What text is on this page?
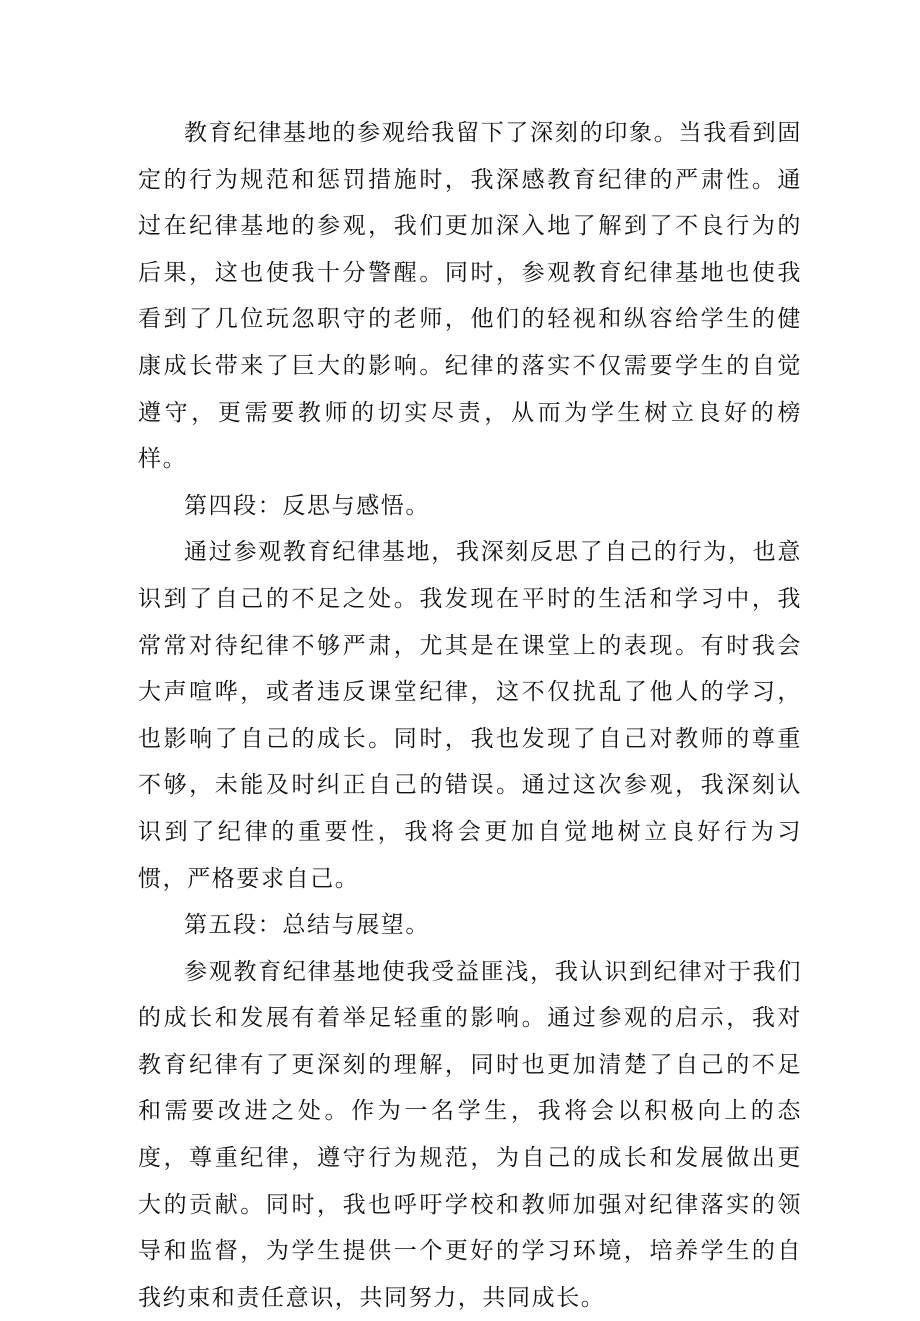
教育纪律基地的参观给我留下了深刻的印象。当我看到固定的行为规范和惩罚措施时，我深感教育纪律的严肃性。通过在纪律基地的参观，我们更加深入地了解到了不良行为的后果，这也使我十分警醒。同时，参观教育纪律基地也使我看到了几位玩忽职守的老师，他们的轻视和纵容给学生的健康成长带来了巨大的影响。纪律的落实不仅需要学生的自觉遵守，更需要教师的切实尽责，从而为学生树立良好的榜样。

第四段：反思与感悟。

通过参观教育纪律基地，我深刻反思了自己的行为，也意识到了自己的不足之处。我发现在平时的生活和学习中，我常常对待纪律不够严肃，尤其是在课堂上的表现。有时我会大声喧哗，或者违反课堂纪律，这不仅扰乱了他人的学习，也影响了自己的成长。同时，我也发现了自己对教师的尊重不够，未能及时纠正自己的错误。通过这次参观，我深刻认识到了纪律的重要性，我将会更加自觉地树立良好行为习惯，严格要求自己。

第五段：总结与展望。

参观教育纪律基地使我受益匪浅，我认识到纪律对于我们的成长和发展有着举足轻重的影响。通过参观的启示，我对教育纪律有了更深刻的理解，同时也更加清楚了自己的不足和需要改进之处。作为一名学生，我将会以积极向上的态度，尊重纪律，遵守行为规范，为自己的成长和发展做出更大的贡献。同时，我也呼吁学校和教师加强对纪律落实的领导和监督，为学生提供一个更好的学习环境，培养学生的自我约束和责任意识，共同努力，共同成长。
